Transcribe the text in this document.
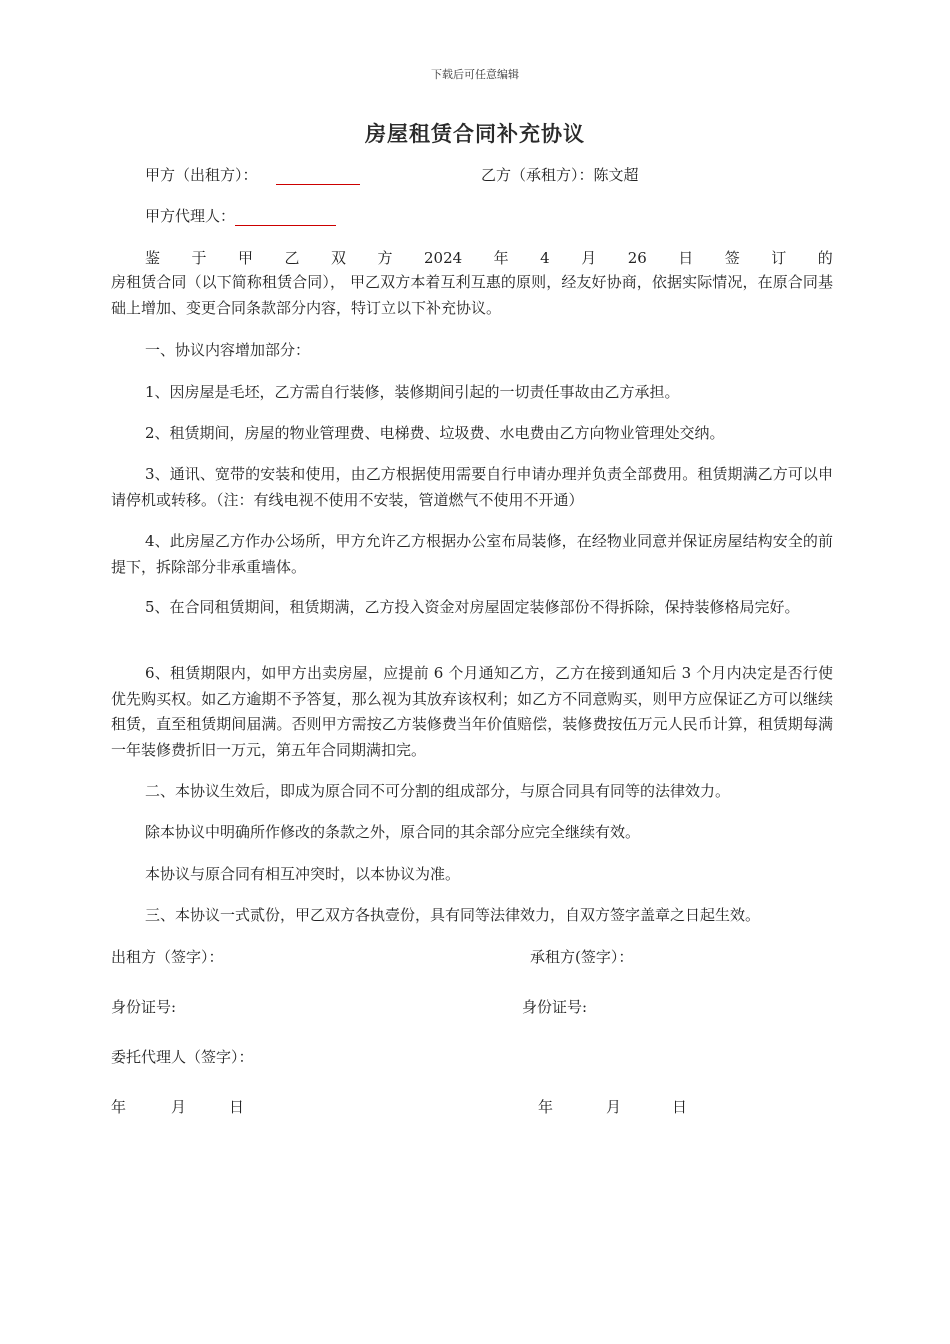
下载后可任意编辑
房屋租赁合同补充协议
甲方（出租方）：	乙方（承租方）：陈文超
甲方代理人：
鉴 于 甲 乙 双 方 2024 年 4 月 26 日 签 订 的
房租赁合同（以下简称租赁合同）， 甲乙双方本着互利互惠的原则，经友好协商，依据实际情况，在原合同基础上增加、变更合同条款部分内容，特订立以下补充协议。
一、协议内容增加部分：
1、因房屋是毛坯，乙方需自行装修，装修期间引起的一切责任事故由乙方承担。
2、租赁期间，房屋的物业管理费、电梯费、垃圾费、水电费由乙方向物业管理处交纳。
3、通讯、宽带的安装和使用，由乙方根据使用需要自行申请办理并负责全部费用。租赁期满乙方可以申请停机或转移。（注：有线电视不使用不安装，管道燃气不使用不开通）
4、此房屋乙方作办公场所，甲方允许乙方根据办公室布局装修，在经物业同意并保证房屋结构安全的前提下，拆除部分非承重墙体。
5、在合同租赁期间，租赁期满，乙方投入资金对房屋固定装修部份不得拆除，保持装修格局完好。
6、租赁期限内，如甲方出卖房屋，应提前 6 个月通知乙方，乙方在接到通知后 3 个月内决定是否行使优先购买权。如乙方逾期不予答复，那么视为其放弃该权利；如乙方不同意购买，则甲方应保证乙方可以继续租赁，直至租赁期间届满。否则甲方需按乙方装修费当年价值赔偿，装修费按伍万元人民币计算，租赁期每满一年装修费折旧一万元，第五年合同期满扣完。
二、本协议生效后，即成为原合同不可分割的组成部分，与原合同具有同等的法律效力。
除本协议中明确所作修改的条款之外，原合同的其余部分应完全继续有效。
本协议与原合同有相互冲突时，以本协议为准。
三、本协议一式贰份，甲乙双方各执壹份，具有同等法律效力，自双方签字盖章之日起生效。
出租方（签字）：	承租方(签字）：
身份证号:	身份证号:
委托代理人（签字）：
年	月	日	年	月	日
